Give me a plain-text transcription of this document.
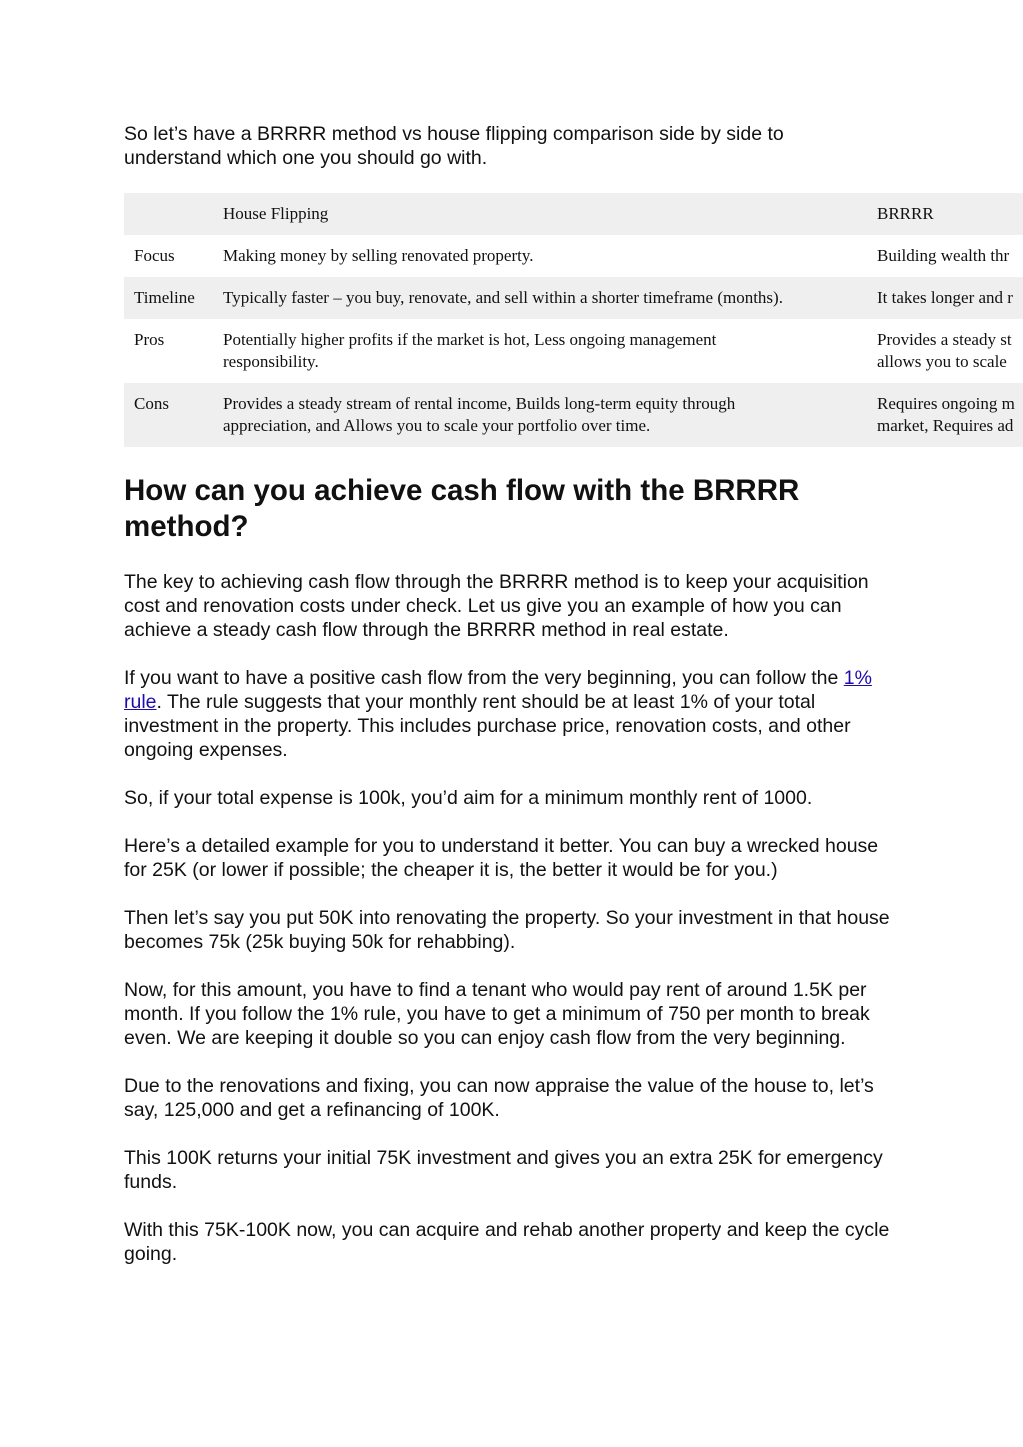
So let’s have a BRRRR method vs house flipping comparison side by side to understand which one you should go with.

	House Flipping	BRRRR
Focus	Making money by selling renovated property.	Building wealth thr
Timeline	Typically faster – you buy, renovate, and sell within a shorter timeframe (months).	It takes longer and r
Pros	Potentially higher profits if the market is hot, Less ongoing management responsibility.	Provides a steady st
allows you to scale

Cons	Provides a steady stream of rental income, Builds long-term equity through appreciation, and Allows you to scale your portfolio over time.	Requires ongoing m
market, Requires ad
How can you achieve cash flow with the BRRRR method?

The key to achieving cash flow through the BRRRR method is to keep your acquisition cost and renovation costs under check. Let us give you an example of how you can achieve a steady cash flow through the BRRRR method in real estate.

If you want to have a positive cash flow from the very beginning, you can follow the 1% rule. The rule suggests that your monthly rent should be at least 1% of your total investment in the property. This includes purchase price, renovation costs, and other ongoing expenses.

So, if your total expense is 100k, you’d aim for a minimum monthly rent of 1000.

Here’s a detailed example for you to understand it better. You can buy a wrecked house for 25K (or lower if possible; the cheaper it is, the better it would be for you.)

Then let’s say you put 50K into renovating the property. So your investment in that house becomes 75k (25k buying 50k for rehabbing).

Now, for this amount, you have to find a tenant who would pay rent of around 1.5K per month. If you follow the 1% rule, you have to get a minimum of 750 per month to break even. We are keeping it double so you can enjoy cash flow from the very beginning.

Due to the renovations and fixing, you can now appraise the value of the house to, let’s say, 125,000 and get a refinancing of 100K.

This 100K returns your initial 75K investment and gives you an extra 25K for emergency funds.

With this 75K-100K now, you can acquire and rehab another property and keep the cycle going.
